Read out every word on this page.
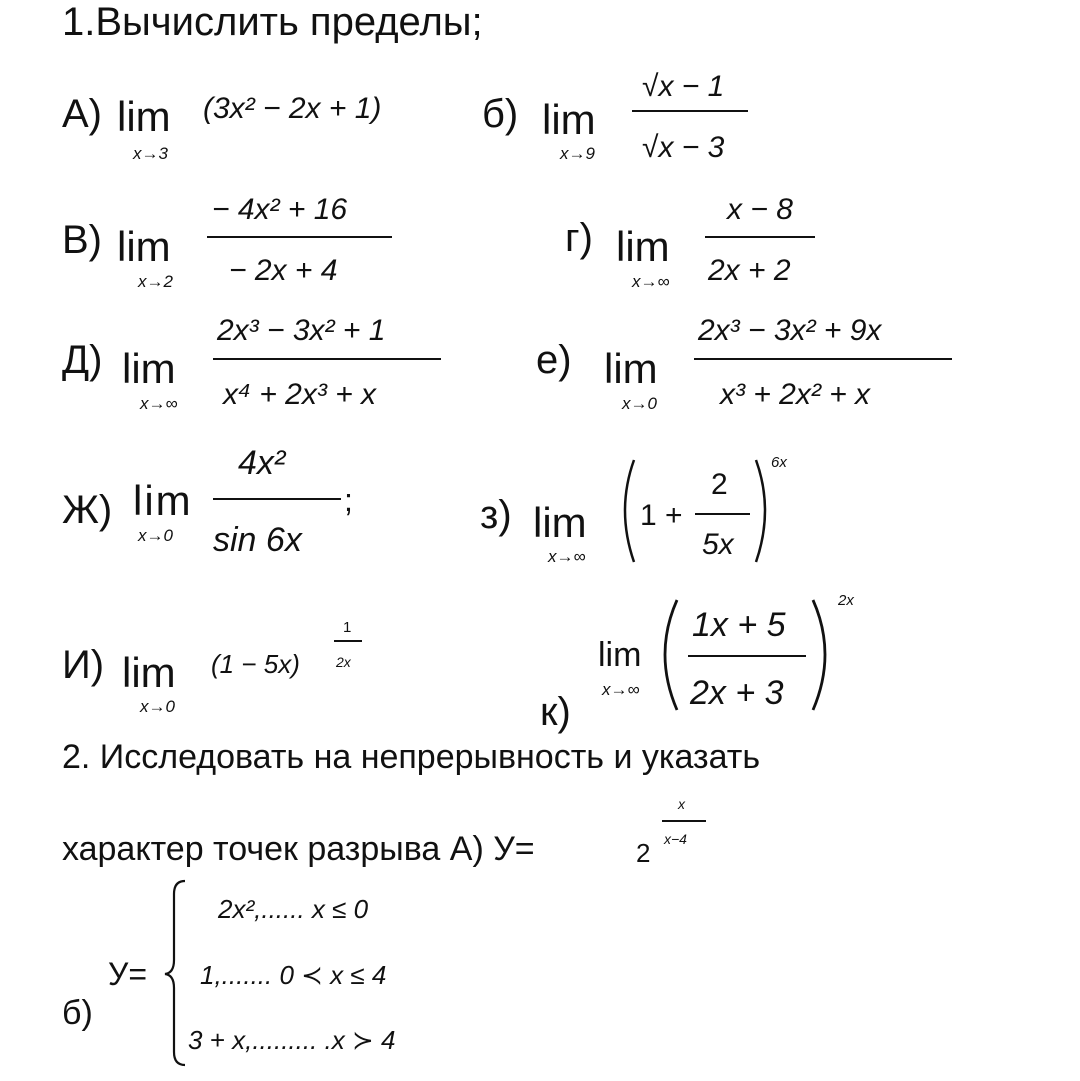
1.Вычислить пределы;
А) lim
x→3
(3x² − 2x + 1)	б) lim
x→9
√x − 1
√x − 3
В) lim
x→2
− 4x² + 16
− 2x + 4
г) lim
x→∞
x − 8
2x + 2
Д) lim
x→∞
2x³ − 3x² + 1
x⁴ + 2x³ + x
е) lim
x→0
2x³ − 3x² + 9x
x³ + 2x² + x
Ж) lim
x→0
4x²
;
sin 6x
з) lim
x→∞
1 +
2
5x
6x
И) lim
x→0
(1 − 5x)
1
2x	lim
x→∞
1x + 5
2x + 3
2x
к)
2. Исследовать на непрерывность и указать
характер точек разрыва А) У=	2
x
x−4
У=
2x²,...... x ≤ 0
1,....... 0 ≺ x ≤ 4
3 + x,......... .x ≻ 4
б)
